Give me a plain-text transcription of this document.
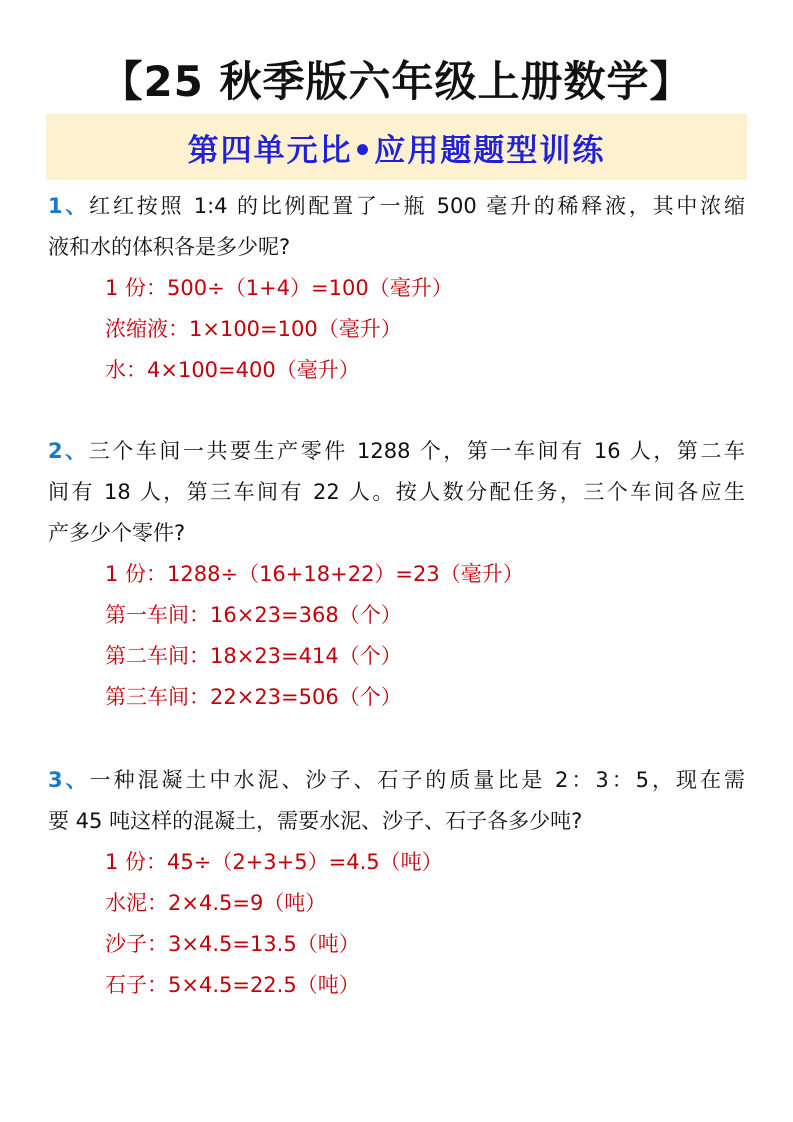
【25 秋季版六年级上册数学】
第四单元比•应用题题型训练
1、红红按照 1:4 的比例配置了一瓶 500 毫升的稀释液，其中浓缩
液和水的体积各是多少呢?
1 份：500÷（1+4）=100（毫升）
浓缩液：1×100=100（毫升）
水：4×100=400（毫升）
2、三个车间一共要生产零件 1288 个，第一车间有 16 人，第二车
间有 18 人，第三车间有 22 人。按人数分配任务，三个车间各应生
产多少个零件?
1 份：1288÷（16+18+22）=23（毫升）
第一车间：16×23=368（个）
第二车间：18×23=414（个）
第三车间：22×23=506（个）
3、一种混凝土中水泥、沙子、石子的质量比是 2：3：5，现在需
要 45 吨这样的混凝土，需要水泥、沙子、石子各多少吨?
1 份：45÷（2+3+5）=4.5（吨）
水泥：2×4.5=9（吨）
沙子：3×4.5=13.5（吨）
石子：5×4.5=22.5（吨）
